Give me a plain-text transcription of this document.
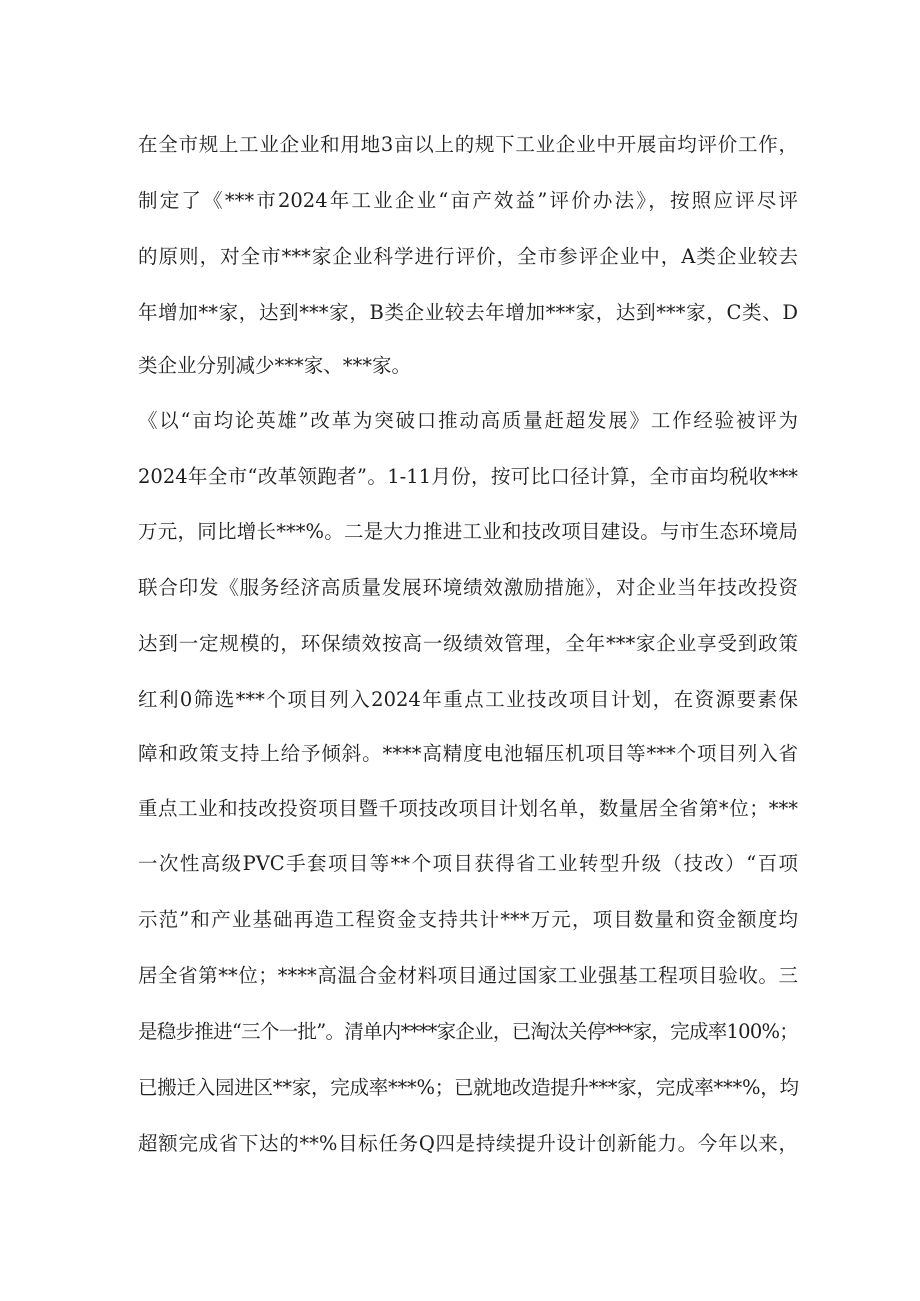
在全市规上工业企业和用地3亩以上的规下工业企业中开展亩均评价工作，
制定了《***市2024年工业企业“亩产效益”评价办法》，按照应评尽评
的原则，对全市***家企业科学进行评价，全市参评企业中，A类企业较去
年增加**家，达到***家，B类企业较去年增加***家，达到***家，C类、D
类企业分别减少***家、***家。
《以“亩均论英雄”改革为突破口推动高质量赶超发展》工作经验被评为
2024年全市“改革领跑者”。1-11月份，按可比口径计算，全市亩均税收***
万元，同比增长***%。二是大力推进工业和技改项目建设。与市生态环境局
联合印发《服务经济高质量发展环境绩效激励措施》，对企业当年技改投资
达到一定规模的，环保绩效按高一级绩效管理，全年***家企业享受到政策
红利0筛选***个项目列入2024年重点工业技改项目计划，在资源要素保
障和政策支持上给予倾斜。****高精度电池辐压机项目等***个项目列入省
重点工业和技改投资项目暨千项技改项目计划名单，数量居全省第*位；***
一次性高级PVC手套项目等**个项目获得省工业转型升级（技改）“百项
示范”和产业基础再造工程资金支持共计***万元，项目数量和资金额度均
居全省第**位；****高温合金材料项目通过国家工业强基工程项目验收。三
是稳步推进“三个一批”。清单内****家企业，已淘汰关停***家，完成率100%；
已搬迁入园进区**家，完成率***%；已就地改造提升***家，完成率***%，均
超额完成省下达的**%目标任务Q四是持续提升设计创新能力。今年以来，
